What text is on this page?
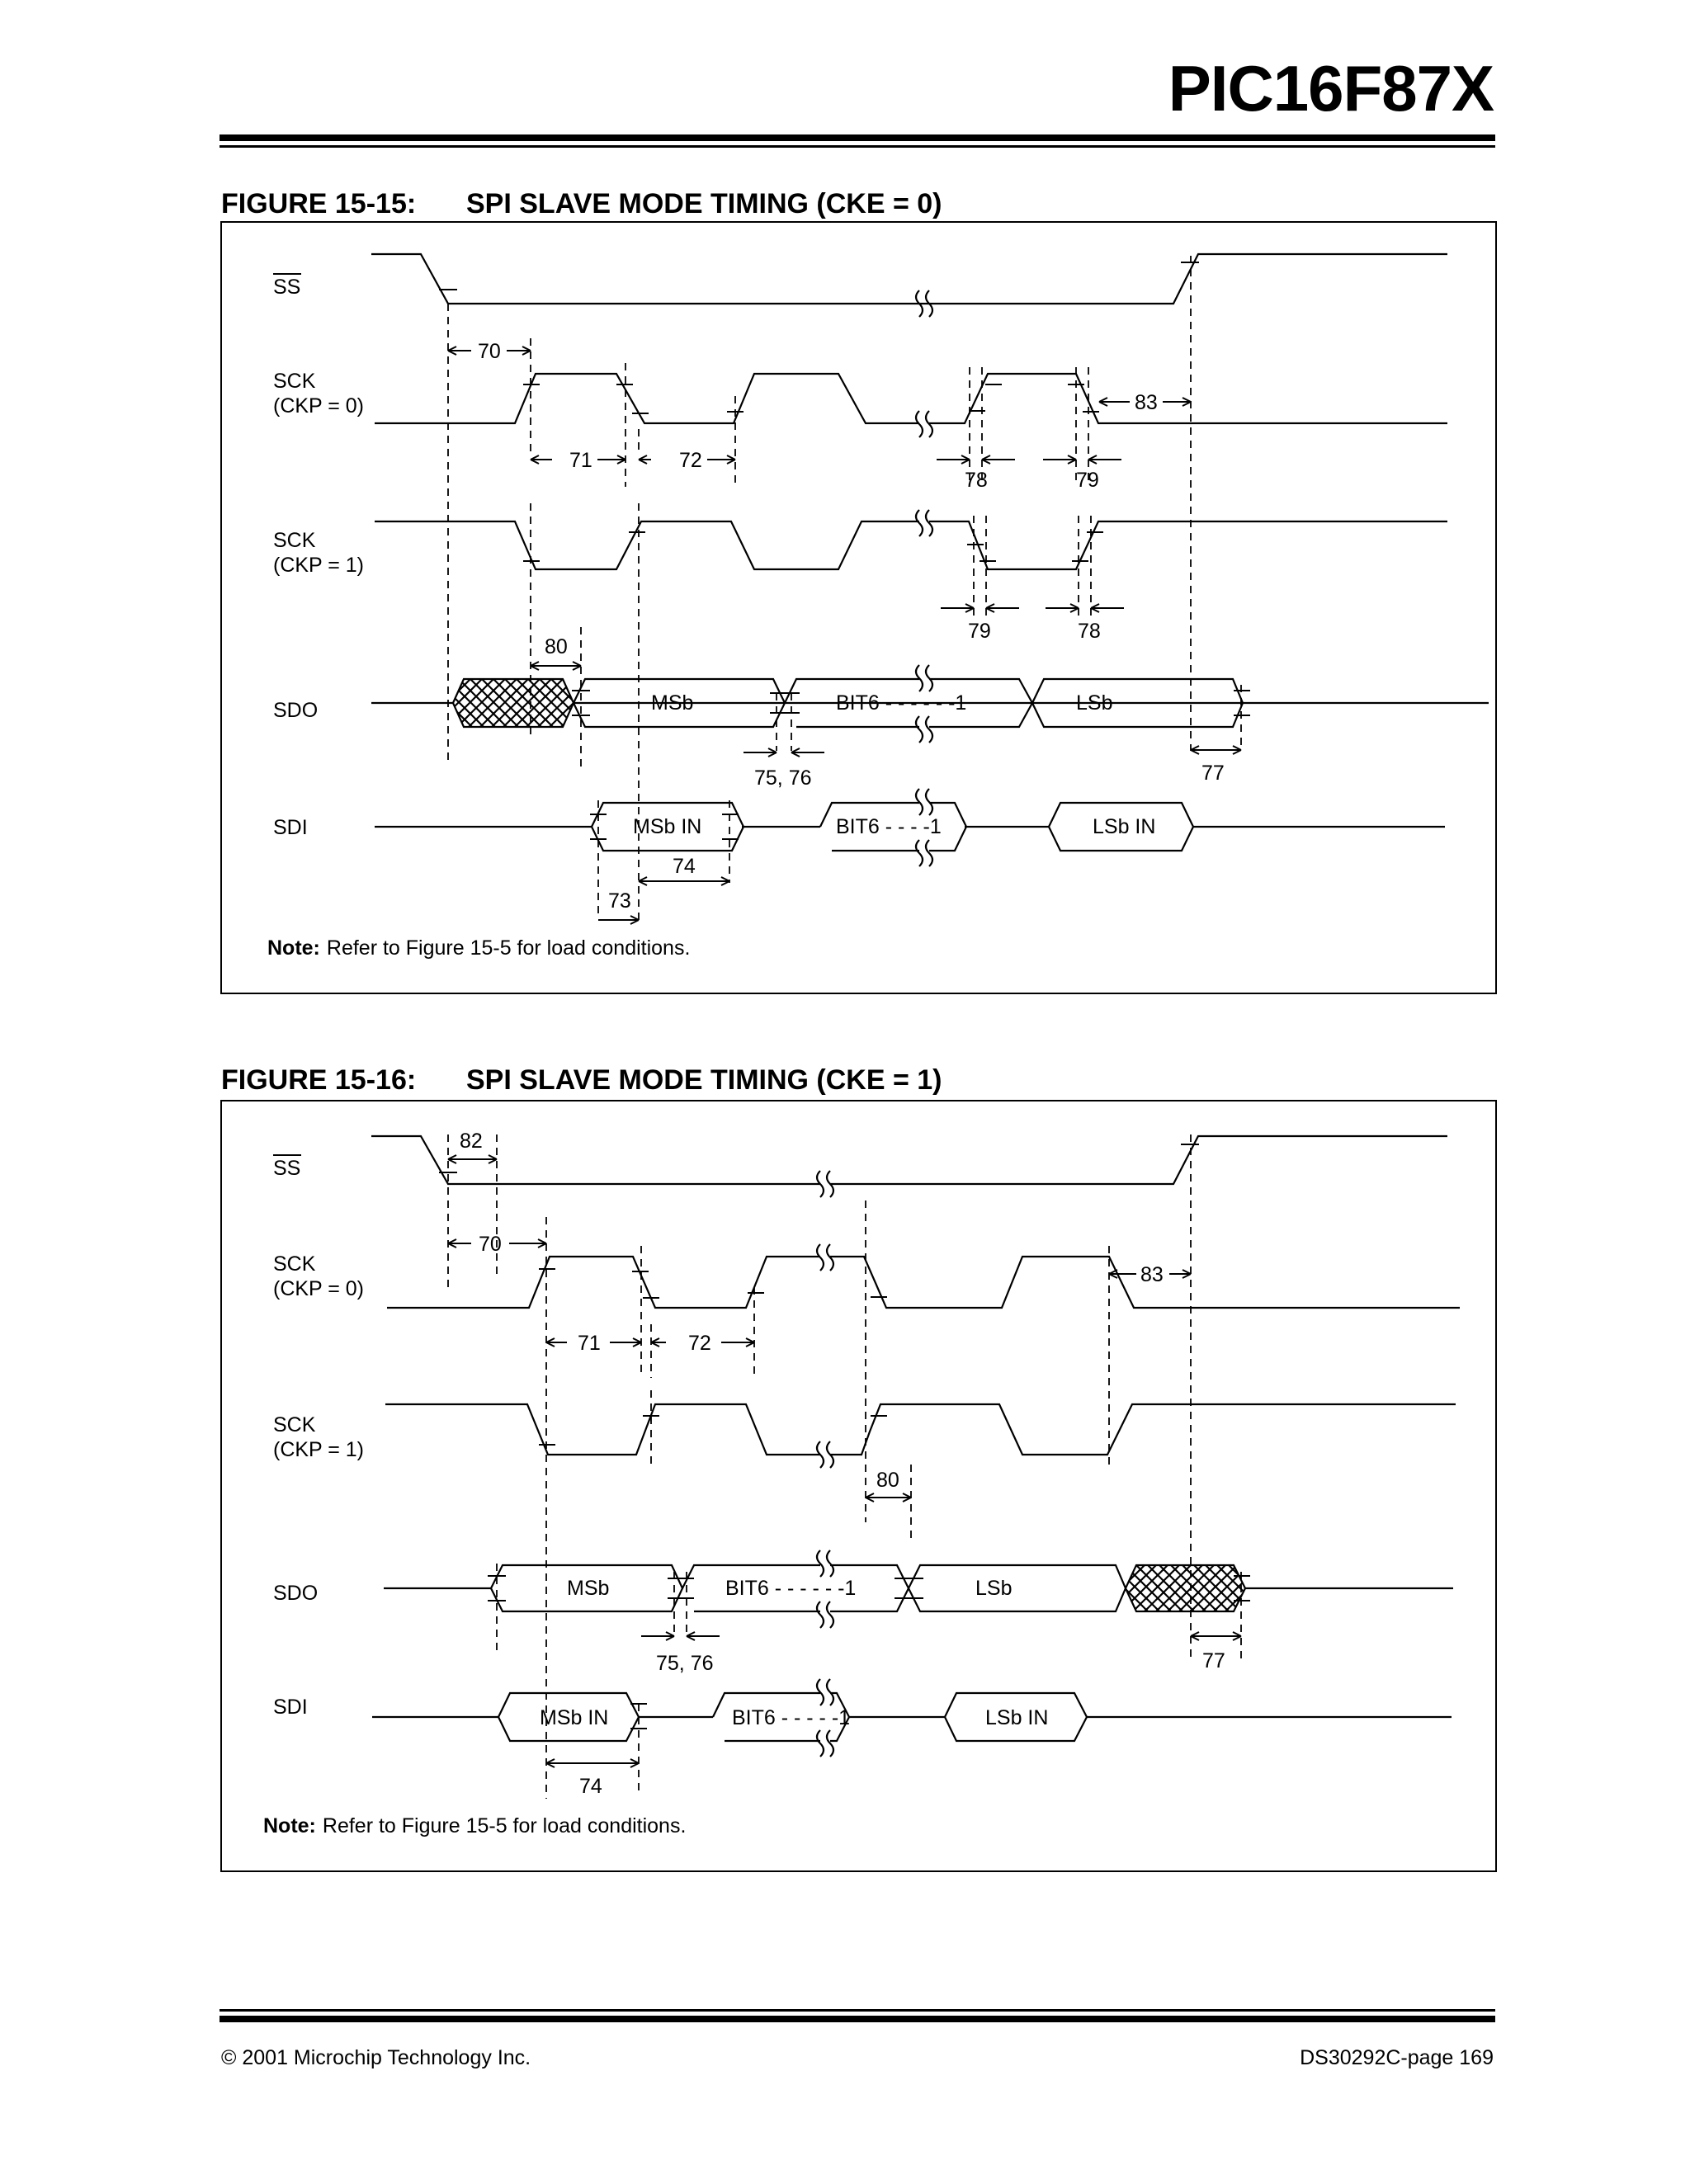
PIC16F87X
FIGURE 15-15: SPI SLAVE MODE TIMING (CKE = 0)
SS
SCK
(CKP = 0)
SCK
(CKP = 1)
SDO
SDI
MSb	BIT6 - - - - - -1	LSb
MSb IN	BIT6 - - - -1	LSb IN
70
71	72
78	79
83
79	78
80
75, 76	77
74
73
Note: Refer to Figure 15-5 for load conditions.
FIGURE 15-16: SPI SLAVE MODE TIMING (CKE = 1)
SS
SCK
(CKP = 0)
SCK
(CKP = 1)
SDO
SDI
MSb	BIT6 - - - - - -1	LSb
MSb IN	BIT6 - - - - -1	LSb IN
82
70
71	72
83
80
75, 76	77
74
Note: Refer to Figure 15-5 for load conditions.
© 2001 Microchip Technology Inc.	DS30292C-page 169
